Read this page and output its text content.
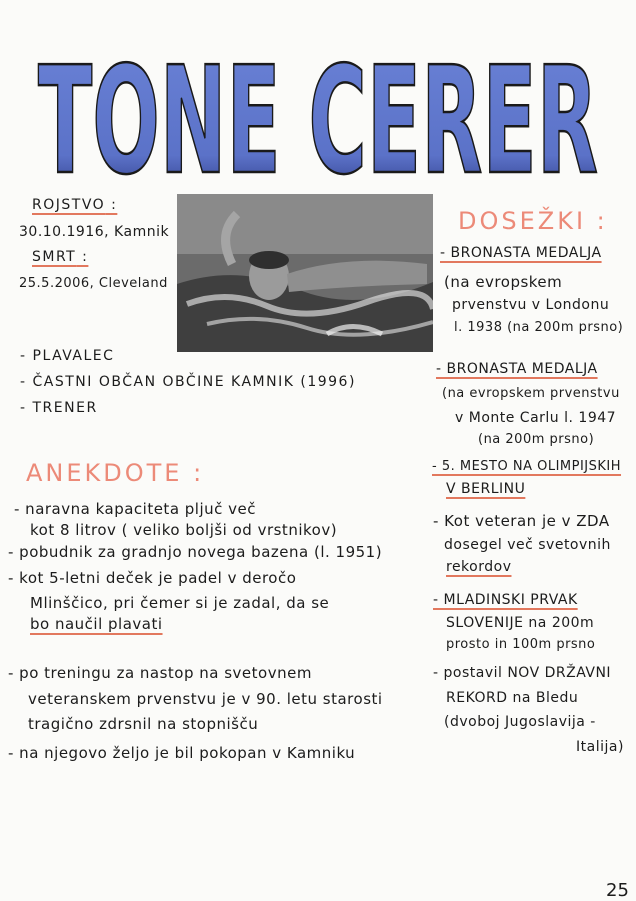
TONE CERER
ROJSTVO :
30.10.1916, Kamnik
SMRT :
25.5.2006, Cleveland
- PLAVALEC
- ČASTNI OBČAN OBČINE KAMNIK (1996)
- TRENER
ANEKDOTE :
- naravna kapaciteta pljuč več
kot 8 litrov ( veliko boljši od vrstnikov)
- pobudnik za gradnjo novega bazena (l. 1951)
- kot 5-letni deček je padel v deročo
Mlinščico, pri čemer si je zadal, da se
bo naučil plavati
- po treningu za nastop na svetovnem
veteranskem prvenstvu je v 90. letu starosti
tragično zdrsnil na stopnišču
- na njegovo željo je bil pokopan v Kamniku
DOSEŽKI :
- BRONASTA MEDALJA
(na evropskem
prvenstvu v Londonu
l. 1938 (na 200m prsno)
- BRONASTA MEDALJA
(na evropskem prvenstvu
v Monte Carlu l. 1947
(na 200m prsno)
- 5. MESTO NA OLIMPIJSKIH
V BERLINU
- Kot veteran je v ZDA
dosegel več svetovnih
rekordov
- MLADINSKI PRVAK
SLOVENIJE na 200m
prosto in 100m prsno
- postavil NOV DRŽAVNI
REKORD na Bledu
(dvoboj Jugoslavija -
Italija)
25
